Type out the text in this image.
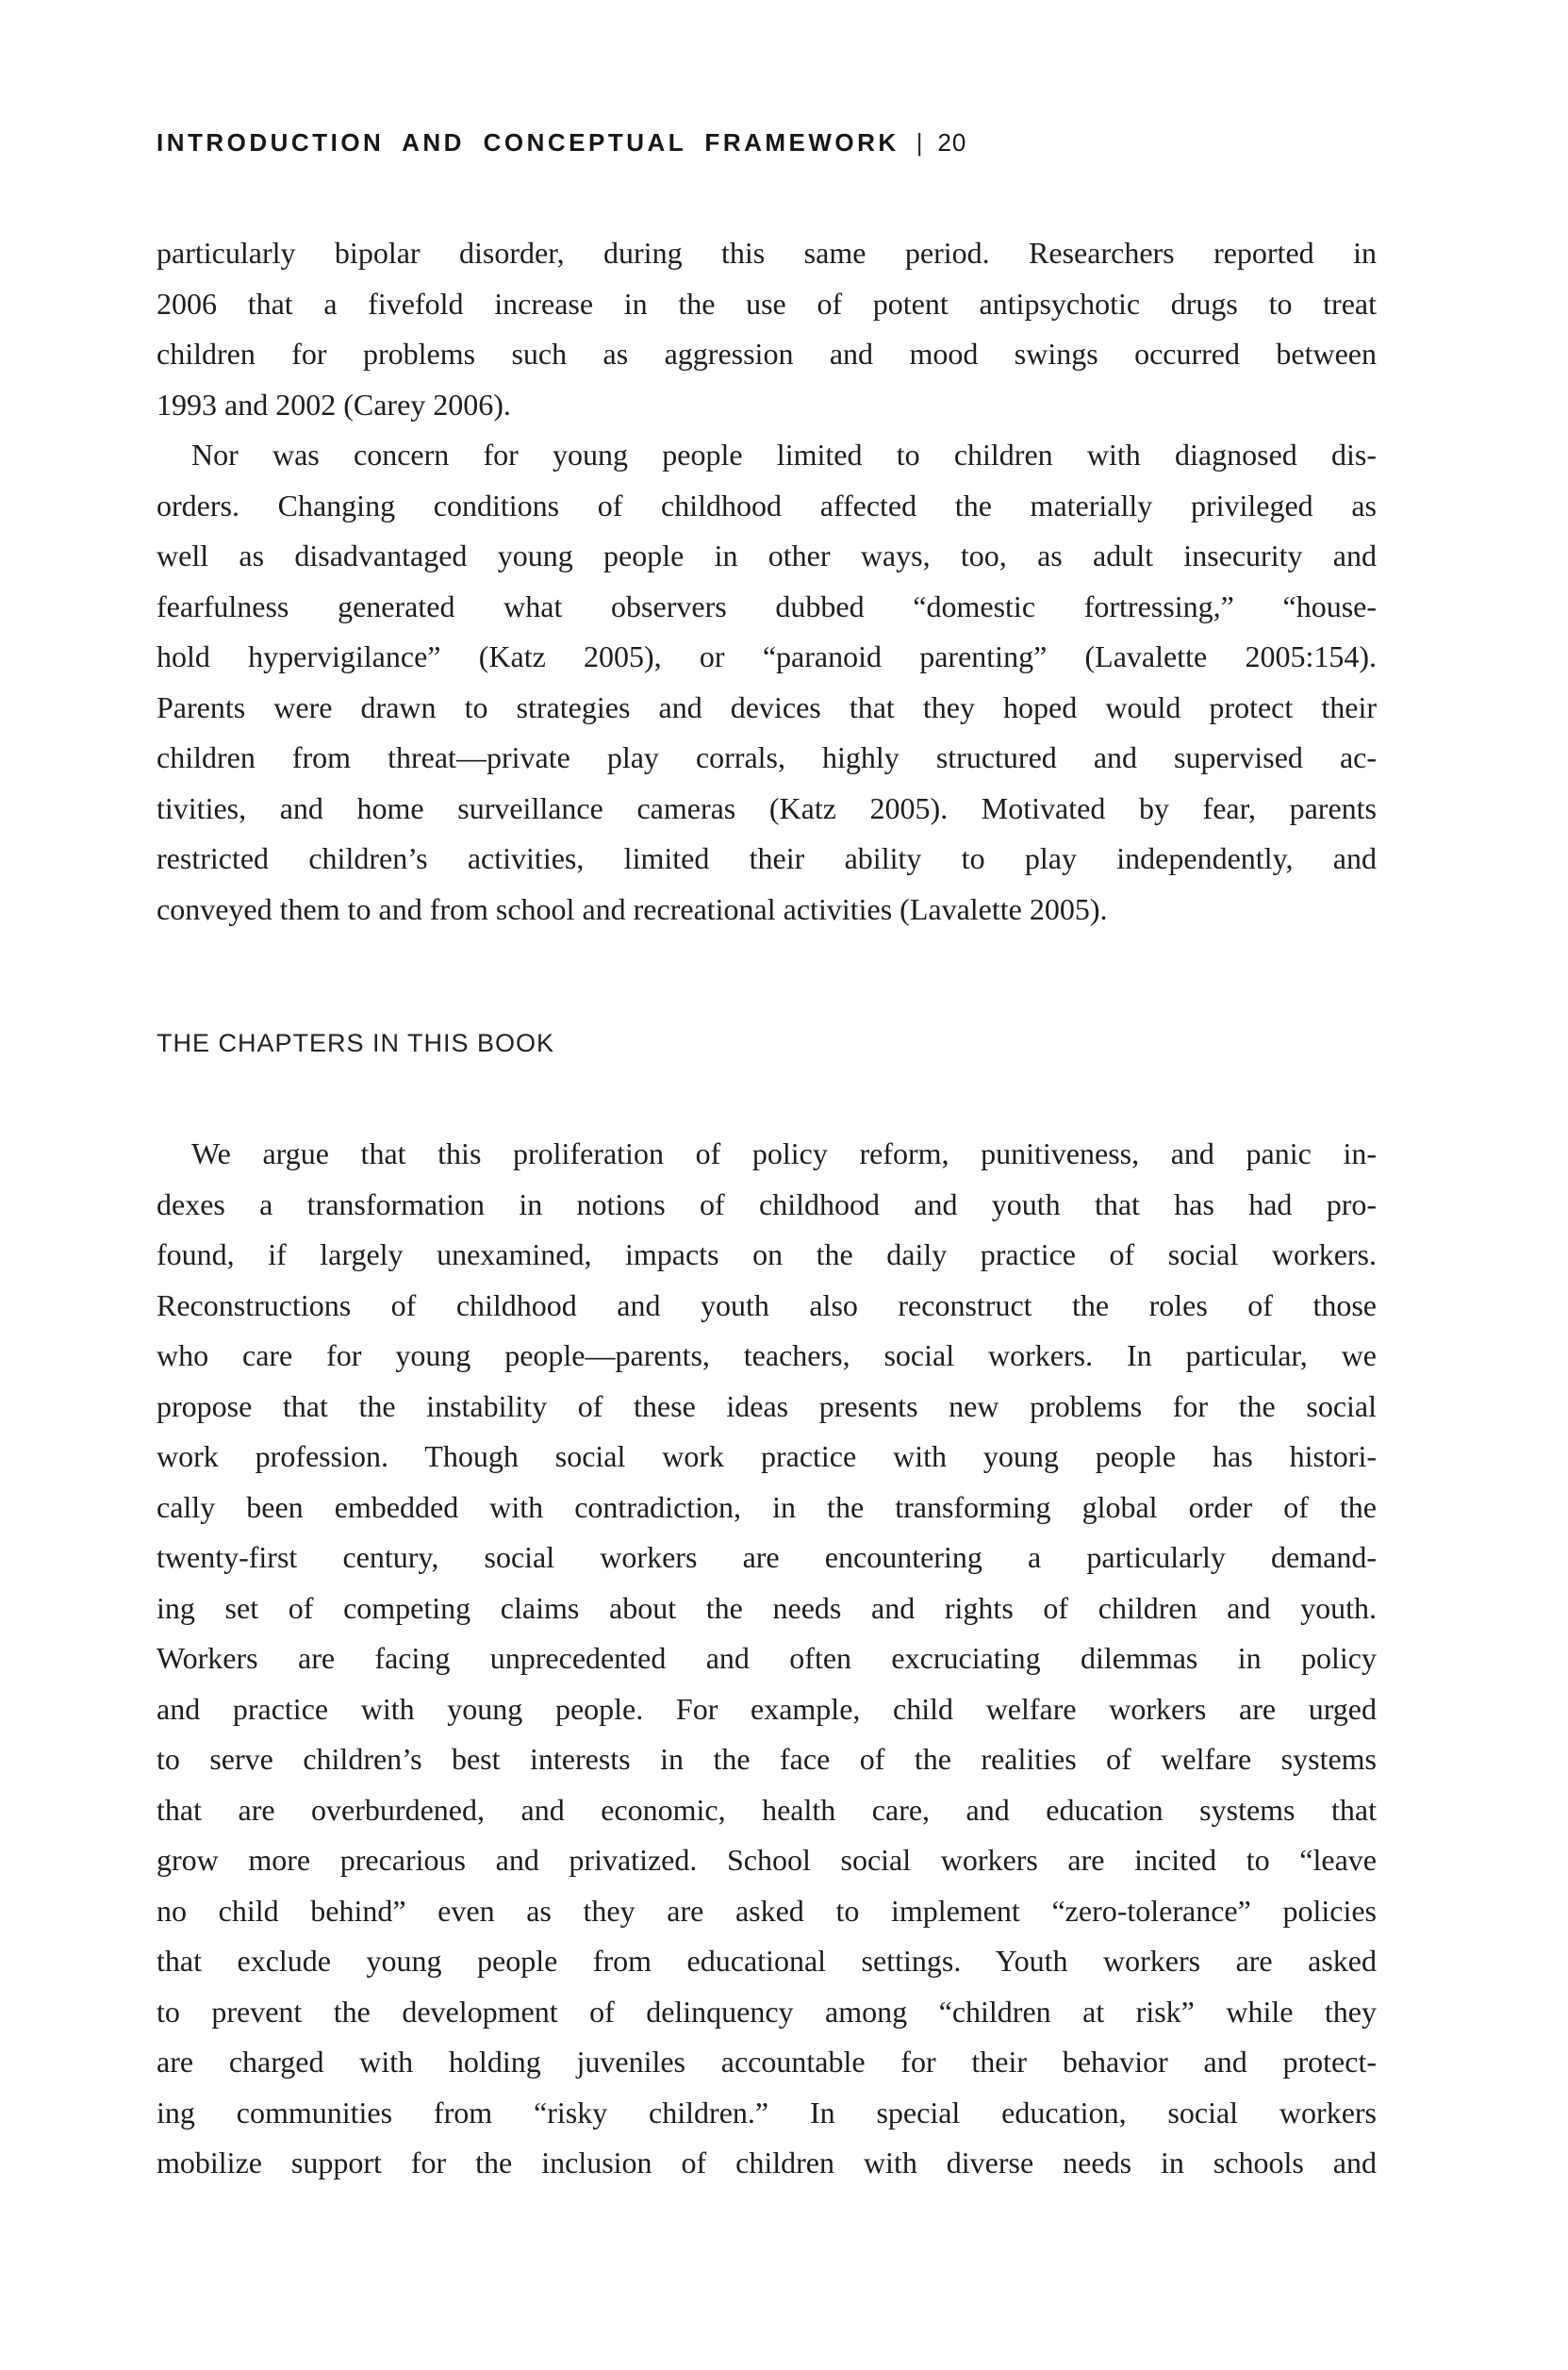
INTRODUCTION AND CONCEPTUAL FRAMEWORK | 20
particularly bipolar disorder, during this same period. Researchers reported in
2006 that a fivefold increase in the use of potent antipsychotic drugs to treat
children for problems such as aggression and mood swings occurred between
1993 and 2002 (Carey 2006).
Nor was concern for young people limited to children with diagnosed dis-
orders. Changing conditions of childhood affected the materially privileged as
well as disadvantaged young people in other ways, too, as adult insecurity and
fearfulness generated what observers dubbed “domestic fortressing,” “house-
hold hypervigilance” (Katz 2005), or “paranoid parenting” (Lavalette 2005:154).
Parents were drawn to strategies and devices that they hoped would protect their
children from threat—private play corrals, highly structured and supervised ac-
tivities, and home surveillance cameras (Katz 2005). Motivated by fear, parents
restricted children’s activities, limited their ability to play independently, and
conveyed them to and from school and recreational activities (Lavalette 2005).
THE CHAPTERS IN THIS BOOK
We argue that this proliferation of policy reform, punitiveness, and panic in-
dexes a transformation in notions of childhood and youth that has had pro-
found, if largely unexamined, impacts on the daily practice of social workers.
Reconstructions of childhood and youth also reconstruct the roles of those
who care for young people—parents, teachers, social workers. In particular, we
propose that the instability of these ideas presents new problems for the social
work profession. Though social work practice with young people has histori-
cally been embedded with contradiction, in the transforming global order of the
twenty-first century, social workers are encountering a particularly demand-
ing set of competing claims about the needs and rights of children and youth.
Workers are facing unprecedented and often excruciating dilemmas in policy
and practice with young people. For example, child welfare workers are urged
to serve children’s best interests in the face of the realities of welfare systems
that are overburdened, and economic, health care, and education systems that
grow more precarious and privatized. School social workers are incited to “leave
no child behind” even as they are asked to implement “zero-tolerance” policies
that exclude young people from educational settings. Youth workers are asked
to prevent the development of delinquency among “children at risk” while they
are charged with holding juveniles accountable for their behavior and protect-
ing communities from “risky children.” In special education, social workers
mobilize support for the inclusion of children with diverse needs in schools and
